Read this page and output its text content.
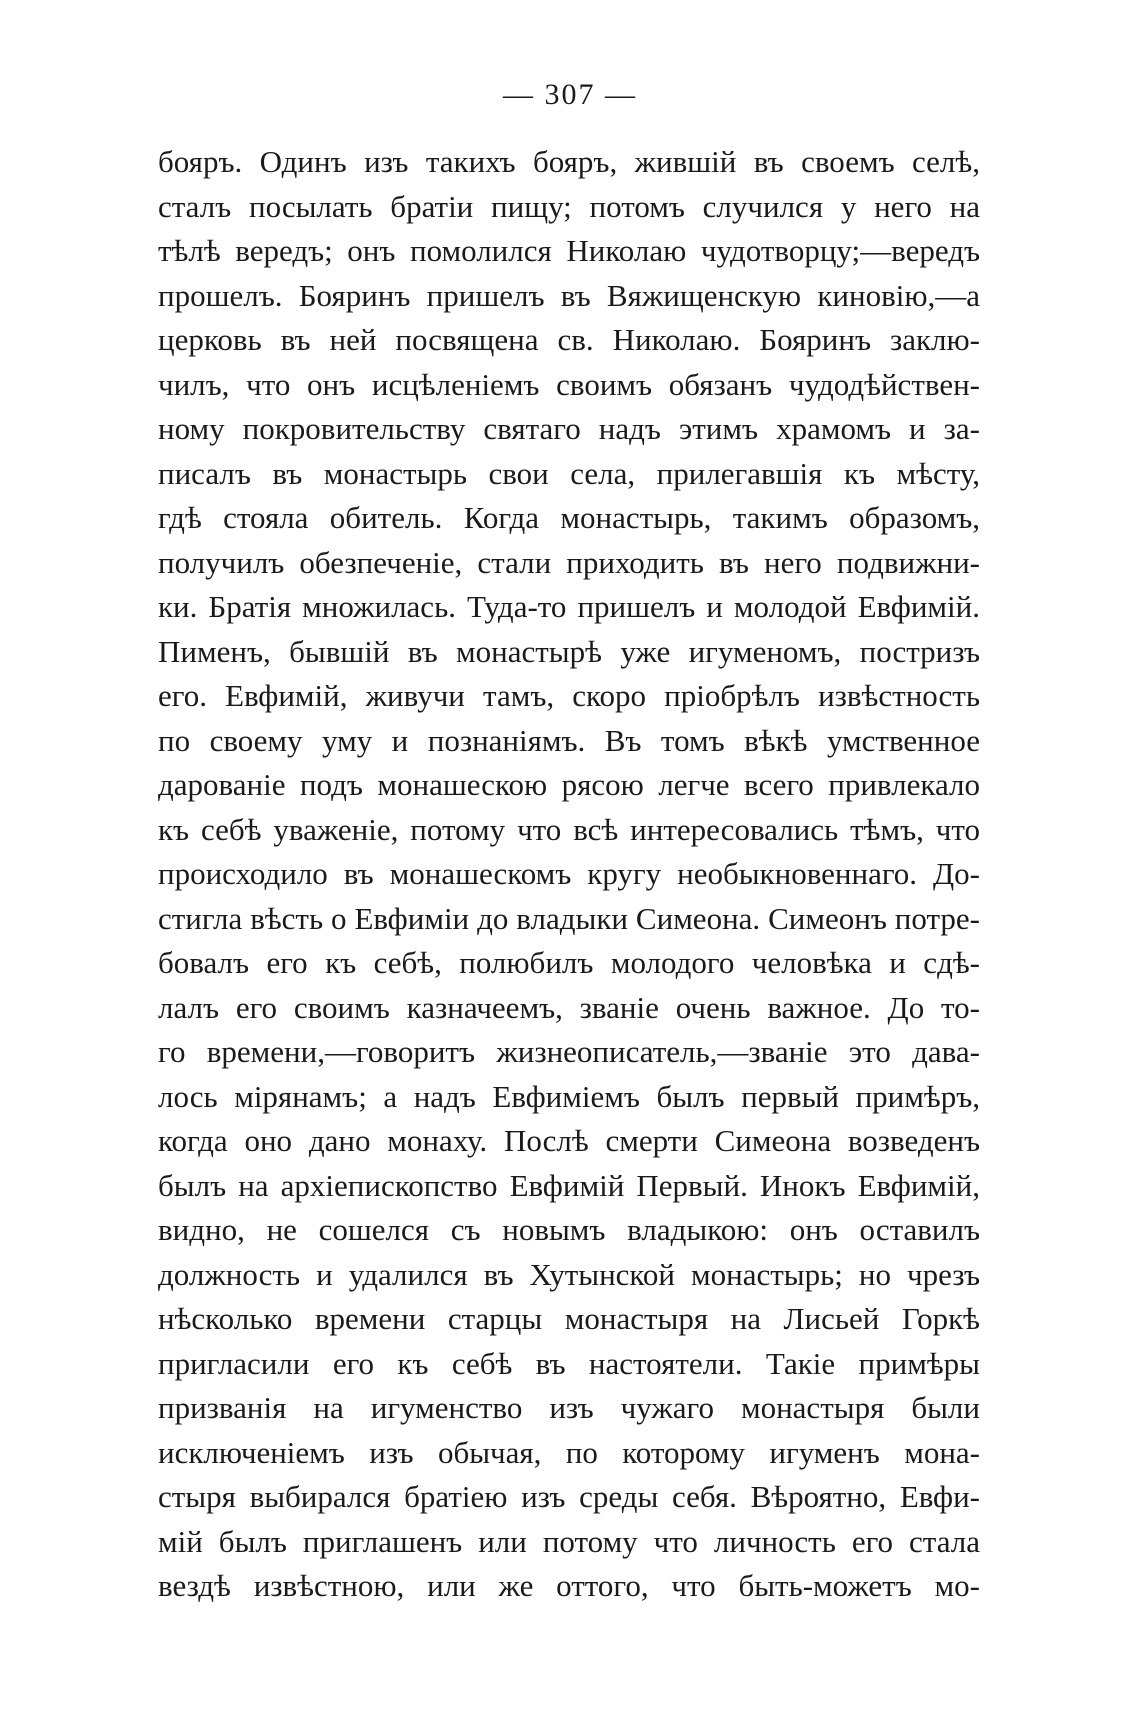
— 307 —
бояръ. Одинъ изъ такихъ бояръ, жившій въ своемъ селѣ,
сталъ посылать братіи пищу; потомъ случился у него на
тѣлѣ вередъ; онъ помолился Николаю чудотворцу;—вередъ
прошелъ. Бояринъ пришелъ въ Вяжищенскую киновію,—а
церковь въ ней посвящена св. Николаю. Бояринъ заклю-
чилъ, что онъ исцѣленіемъ своимъ обязанъ чудодѣйствен-
ному покровительству святаго надъ этимъ храмомъ и за-
писалъ въ монастырь свои села, прилегавшія къ мѣсту,
гдѣ стояла обитель. Когда монастырь, такимъ образомъ,
получилъ обезпеченіе, стали приходить въ него подвижни-
ки. Братія множилась. Туда-то пришелъ и молодой Евфимій.
Пименъ, бывшій въ монастырѣ уже игуменомъ, постризъ
его. Евфимій, живучи тамъ, скоро пріобрѣлъ извѣстность
по своему уму и познаніямъ. Въ томъ вѣкѣ умственное
дарованіе подъ монашескою рясою легче всего привлекало
къ себѣ уваженіе, потому что всѣ интересовались тѣмъ, что
происходило въ монашескомъ кругу необыкновеннаго. До-
стигла вѣсть о Евфиміи до владыки Симеона. Симеонъ потре-
бовалъ его къ себѣ, полюбилъ молодого человѣка и сдѣ-
лалъ его своимъ казначеемъ, званіе очень важное. До то-
го времени,—говоритъ жизнеописатель,—званіе это дава-
лось мірянамъ; а надъ Евфиміемъ былъ первый примѣръ,
когда оно дано монаху. Послѣ смерти Симеона возведенъ
былъ на архіепископство Евфимій Первый. Инокъ Евфимій,
видно, не сошелся съ новымъ владыкою: онъ оставилъ
должность и удалился въ Хутынской монастырь; но чрезъ
нѣсколько времени старцы монастыря на Лисьей Горкѣ
пригласили его къ себѣ въ настоятели. Такіе примѣры
призванія на игуменство изъ чужаго монастыря были
исключеніемъ изъ обычая, по которому игуменъ мона-
стыря выбирался братіею изъ среды себя. Вѣроятно, Евфи-
мій былъ приглашенъ или потому что личность его стала
вездѣ извѣстною, или же оттого, что быть-можетъ мо-
